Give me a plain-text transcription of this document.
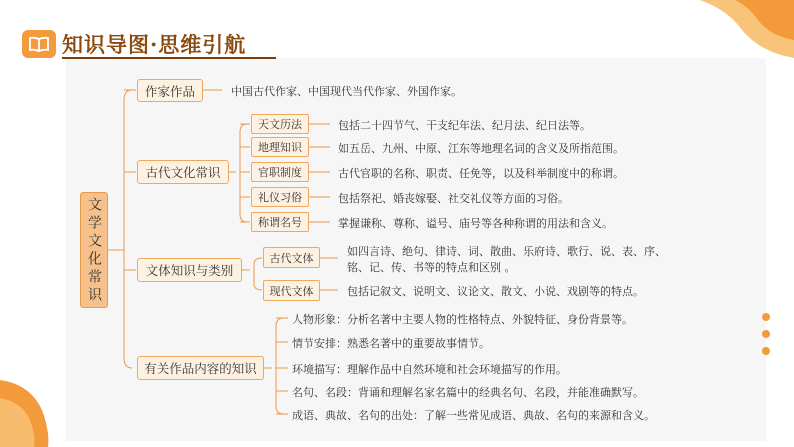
知识导图·思维引航
文学文化常识
作家作品	中国古代作家、中国现代当代作家、外国作家。
古代文化常识
天文历法	包括二十四节气、干支纪年法、纪月法、纪日法等。
地理知识	如五岳、九州、中原、江东等地理名词的含义及所指范围。
官职制度	古代官职的名称、职责、任免等，以及科举制度中的称谓。
礼仪习俗	包括祭祀、婚丧嫁娶、社交礼仪等方面的习俗。
称谓名号	掌握谦称、尊称、谥号、庙号等各种称谓的用法和含义。
文体知识与类别
古代文体	如四言诗、绝句、律诗、词、散曲、乐府诗、歌行、说、表、序、
铭、记、传、书等的特点和区别 。
现代文体	包括记叙文、说明文、议论文、散文、小说、戏剧等的特点。
有关作品内容的知识
人物形象：分析名著中主要人物的性格特点、外貌特征、身份背景等。
情节安排：熟悉名著中的重要故事情节。
环境描写：理解作品中自然环境和社会环境描写的作用。
名句、名段：背诵和理解名家名篇中的经典名句、名段，并能准确默写。
成语、典故、名句的出处：了解一些常见成语、典故、名句的来源和含义。
